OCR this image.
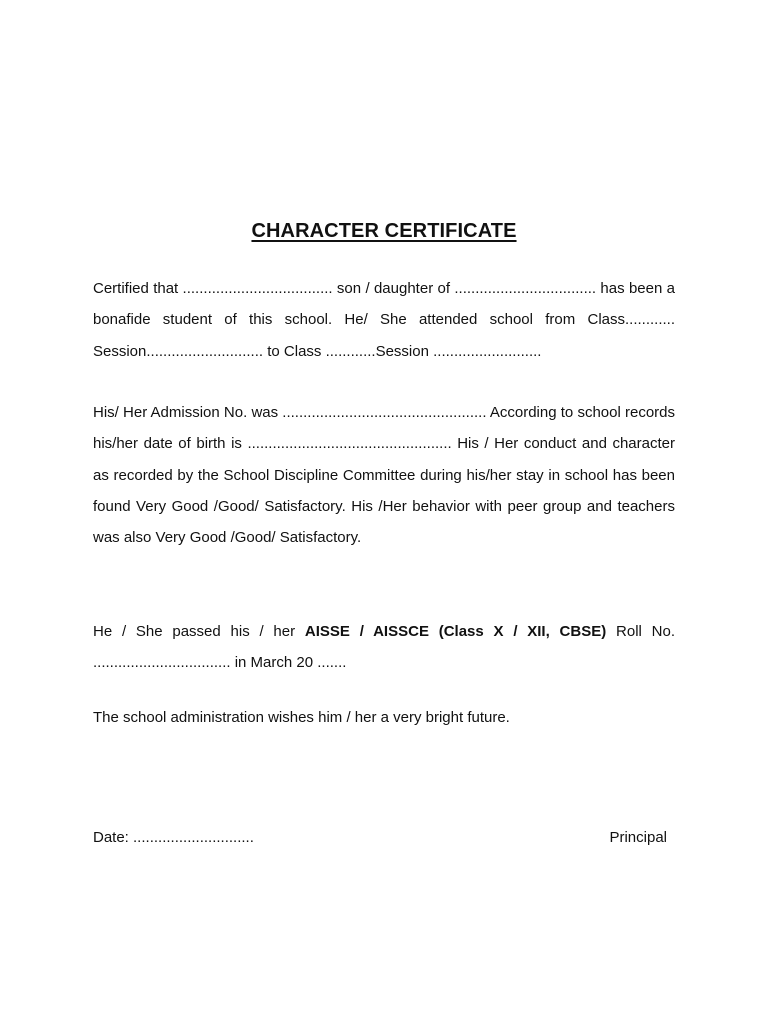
CHARACTER CERTIFICATE

Certified that .................................... son / daughter of .................................. has been a bonafide student of this school. He/ She attended school from Class............ Session............................ to Class ............Session ..........................

His/ Her Admission No. was ................................................. According to school records his/her date of birth is ................................................. His / Her conduct and character as recorded by the School Discipline Committee during his/her stay in school has been found Very Good /Good/ Satisfactory. His /Her behavior with peer group and teachers was also Very Good /Good/ Satisfactory.

He / She passed his / her AISSE / AISSCE (Class X / XII, CBSE) Roll No. ................................. in March 20 .......

The school administration wishes him / her a very bright future.

Date: .............................	Principal
